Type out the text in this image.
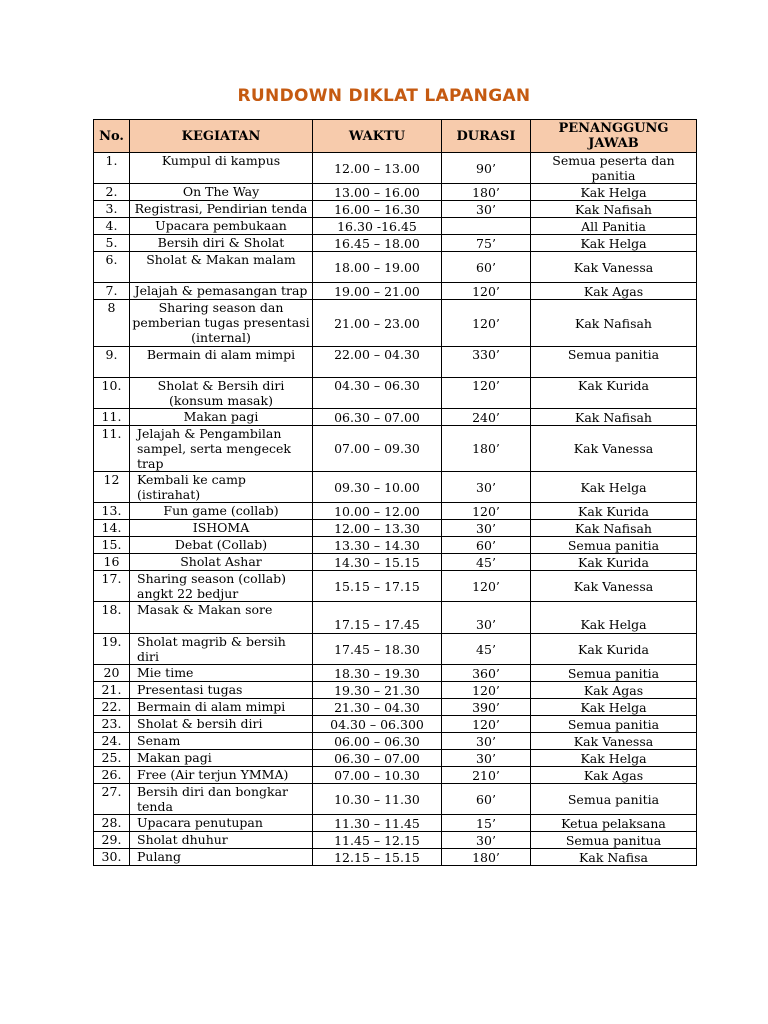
RUNDOWN DIKLAT LAPANGAN
No.	KEGIATAN	WAKTU	DURASI	PENANGGUNG JAWAB
1.	Kumpul di kampus	12.00 – 13.00	90’	Semua peserta dan panitia
2.	On The Way	13.00 – 16.00	180’	Kak Helga
3.	Registrasi, Pendirian tenda	16.00 – 16.30	30’	Kak Nafisah
4.	Upacara pembukaan	16.30 -16.45		All Panitia
5.	Bersih diri & Sholat	16.45 – 18.00	75’	Kak Helga
6.	Sholat & Makan malam	18.00 – 19.00	60’	Kak Vanessa
7.	Jelajah & pemasangan trap	19.00 – 21.00	120’	Kak Agas
8	Sharing season dan pemberian tugas presentasi (internal)	21.00 – 23.00	120’	Kak Nafisah
9.	Bermain di alam mimpi	22.00 – 04.30	330’	Semua panitia
10.	Sholat & Bersih diri (konsum masak)	04.30 – 06.30	120’	Kak Kurida
11.	Makan pagi	06.30 – 07.00	240’	Kak Nafisah
11.	Jelajah & Pengambilan sampel, serta mengecek trap	07.00 – 09.30	180’	Kak Vanessa
12	Kembali ke camp (istirahat)	09.30 – 10.00	30’	Kak Helga
13.	Fun game (collab)	10.00 – 12.00	120’	Kak Kurida
14.	ISHOMA	12.00 – 13.30	30’	Kak Nafisah
15.	Debat (Collab)	13.30 – 14.30	60’	Semua panitia
16	Sholat Ashar	14.30 – 15.15	45’	Kak Kurida
17.	Sharing season (collab) angkt 22 bedjur	15.15 – 17.15	120’	Kak Vanessa
18.	Masak & Makan sore	17.15 – 17.45	30’	Kak Helga
19.	Sholat magrib & bersih diri	17.45 – 18.30	45’	Kak Kurida
20	Mie time	18.30 – 19.30	360’	Semua panitia
21.	Presentasi tugas	19.30 – 21.30	120’	Kak Agas
22.	Bermain di alam mimpi	21.30 – 04.30	390’	Kak Helga
23.	Sholat & bersih diri	04.30 – 06.300	120’	Semua panitia
24.	Senam	06.00 – 06.30	30’	Kak Vanessa
25.	Makan pagi	06.30 – 07.00	30’	Kak Helga
26.	Free (Air terjun YMMA)	07.00 – 10.30	210’	Kak Agas
27.	Bersih diri dan bongkar tenda	10.30 – 11.30	60’	Semua panitia
28.	Upacara penutupan	11.30 – 11.45	15’	Ketua pelaksana
29.	Sholat dhuhur	11.45 – 12.15	30’	Semua panitua
30.	Pulang	12.15 – 15.15	180’	Kak Nafisa
